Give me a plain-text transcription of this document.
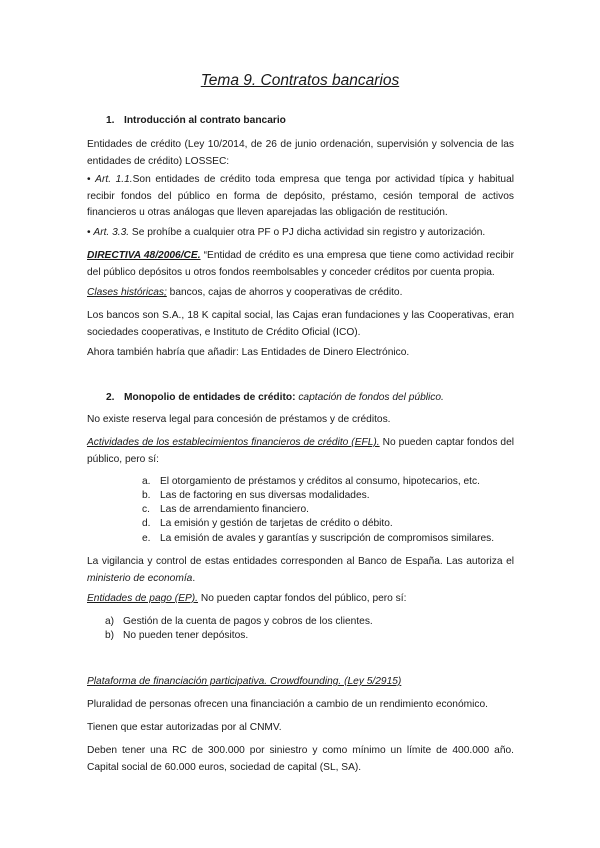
Tema 9. Contratos bancarios
1. Introducción al contrato bancario

Entidades de crédito (Ley 10/2014, de 26 de junio ordenación, supervisión y solvencia de las entidades de crédito) LOSSEC:

• Art. 1.1.Son entidades de crédito toda empresa que tenga por actividad típica y habitual recibir fondos del público en forma de depósito, préstamo, cesión temporal de activos financieros u otras análogas que lleven aparejadas las obligación de restitución.

• Art. 3.3. Se prohíbe a cualquier otra PF o PJ dicha actividad sin registro y autorización.

DIRECTIVA 48/2006/CE. “Entidad de crédito es una empresa que tiene como actividad recibir del público depósitos u otros fondos reembolsables y conceder créditos por cuenta propia.

Clases históricas; bancos, cajas de ahorros y cooperativas de crédito.

Los bancos son S.A., 18 K capital social, las Cajas eran fundaciones y las Cooperativas, eran sociedades cooperativas, e Instituto de Crédito Oficial (ICO).

Ahora también habría que añadir: Las Entidades de Dinero Electrónico.

2. Monopolio de entidades de crédito: captación de fondos del público.

No existe reserva legal para concesión de préstamos y de créditos.

Actividades de los establecimientos financieros de crédito (EFL). No pueden captar fondos del público, pero sí:

a. El otorgamiento de préstamos y créditos al consumo, hipotecarios, etc.
b. Las de factoring en sus diversas modalidades.
c. Las de arrendamiento financiero.
d. La emisión y gestión de tarjetas de crédito o débito.
e. La emisión de avales y garantías y suscripción de compromisos similares.

La vigilancia y control de estas entidades corresponden al Banco de España. Las autoriza el ministerio de economía.

Entidades de pago (EP). No pueden captar fondos del público, pero sí:

a) Gestión de la cuenta de pagos y cobros de los clientes.
b) No pueden tener depósitos.

Plataforma de financiación participativa. Crowdfounding. (Ley 5/2915)

Pluralidad de personas ofrecen una financiación a cambio de un rendimiento económico.

Tienen que estar autorizadas por al CNMV.

Deben tener una RC de 300.000 por siniestro y como mínimo un límite de 400.000 año. Capital social de 60.000 euros, sociedad de capital (SL, SA).
